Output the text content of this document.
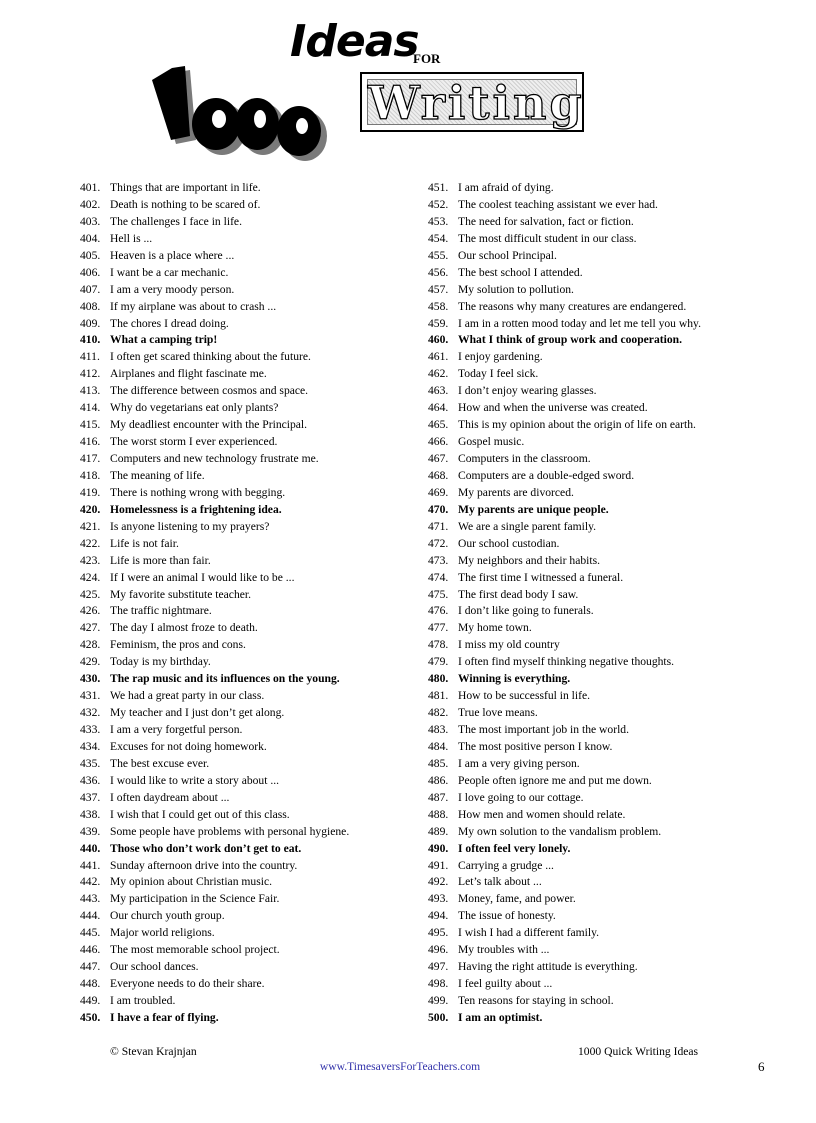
Ideas
FOR
1000
Writing
401. Things that are important in life.
402. Death is nothing to be scared of.
403. The challenges I face in life.
404. Hell is ...
405. Heaven is a place where ...
406. I want be a car mechanic.
407. I am a very moody person.
408. If my airplane was about to crash ...
409. The chores I dread doing.
410. What a camping trip!
411. I often get scared thinking about the future.
412. Airplanes and flight fascinate me.
413. The difference between cosmos and space.
414. Why do vegetarians eat only plants?
415. My deadliest encounter with the Principal.
416. The worst storm I ever experienced.
417. Computers and new technology frustrate me.
418. The meaning of life.
419. There is nothing wrong with begging.
420. Homelessness is a frightening idea.
421. Is anyone listening to my prayers?
422. Life is not fair.
423. Life is more than fair.
424. If I were an animal I would like to be ...
425. My favorite substitute teacher.
426. The traffic nightmare.
427. The day I almost froze to death.
428. Feminism, the pros and cons.
429. Today is my birthday.
430. The rap music and its influences on the young.
431. We had a great party in our class.
432. My teacher and I just don’t get along.
433. I am a very forgetful person.
434. Excuses for not doing homework.
435. The best excuse ever.
436. I would like to write a story about ...
437. I often daydream about ...
438. I wish that I could get out of this class.
439. Some people have problems with personal hygiene.
440. Those who don’t work don’t get to eat.
441. Sunday afternoon drive into the country.
442. My opinion about Christian music.
443. My participation in the Science Fair.
444. Our church youth group.
445. Major world religions.
446. The most memorable school project.
447. Our school dances.
448. Everyone needs to do their share.
449. I am troubled.
450. I have a fear of flying.
451. I am afraid of dying.
452. The coolest teaching assistant we ever had.
453. The need for salvation, fact or fiction.
454. The most difficult student in our class.
455. Our school Principal.
456. The best school I attended.
457. My solution to pollution.
458. The reasons why many creatures are endangered.
459. I am in a rotten mood today and let me tell you why.
460. What I think of group work and cooperation.
461. I enjoy gardening.
462. Today I feel sick.
463. I don’t enjoy wearing glasses.
464. How and when the universe was created.
465. This is my opinion about the origin of life on earth.
466. Gospel music.
467. Computers in the classroom.
468. Computers are a double-edged sword.
469. My parents are divorced.
470. My parents are unique people.
471. We are a single parent family.
472. Our school custodian.
473. My neighbors and their habits.
474. The first time I witnessed a funeral.
475. The first dead body I saw.
476. I don’t like going to funerals.
477. My home town.
478. I miss my old country
479. I often find myself thinking negative thoughts.
480. Winning is everything.
481. How to be successful in life.
482. True love means.
483. The most important job in the world.
484. The most positive person I know.
485. I am a very giving person.
486. People often ignore me and put me down.
487. I love going to our cottage.
488. How men and women should relate.
489. My own solution to the vandalism problem.
490. I often feel very lonely.
491. Carrying a grudge ...
492. Let’s talk about ...
493. Money, fame, and power.
494. The issue of honesty.
495. I wish I had a different family.
496. My troubles with ...
497. Having the right attitude is everything.
498. I feel guilty about ...
499. Ten reasons for staying in school.
500. I am an optimist.
© Stevan Krajnjan	1000 Quick Writing Ideas
www.TimesaversForTeachers.com	6
